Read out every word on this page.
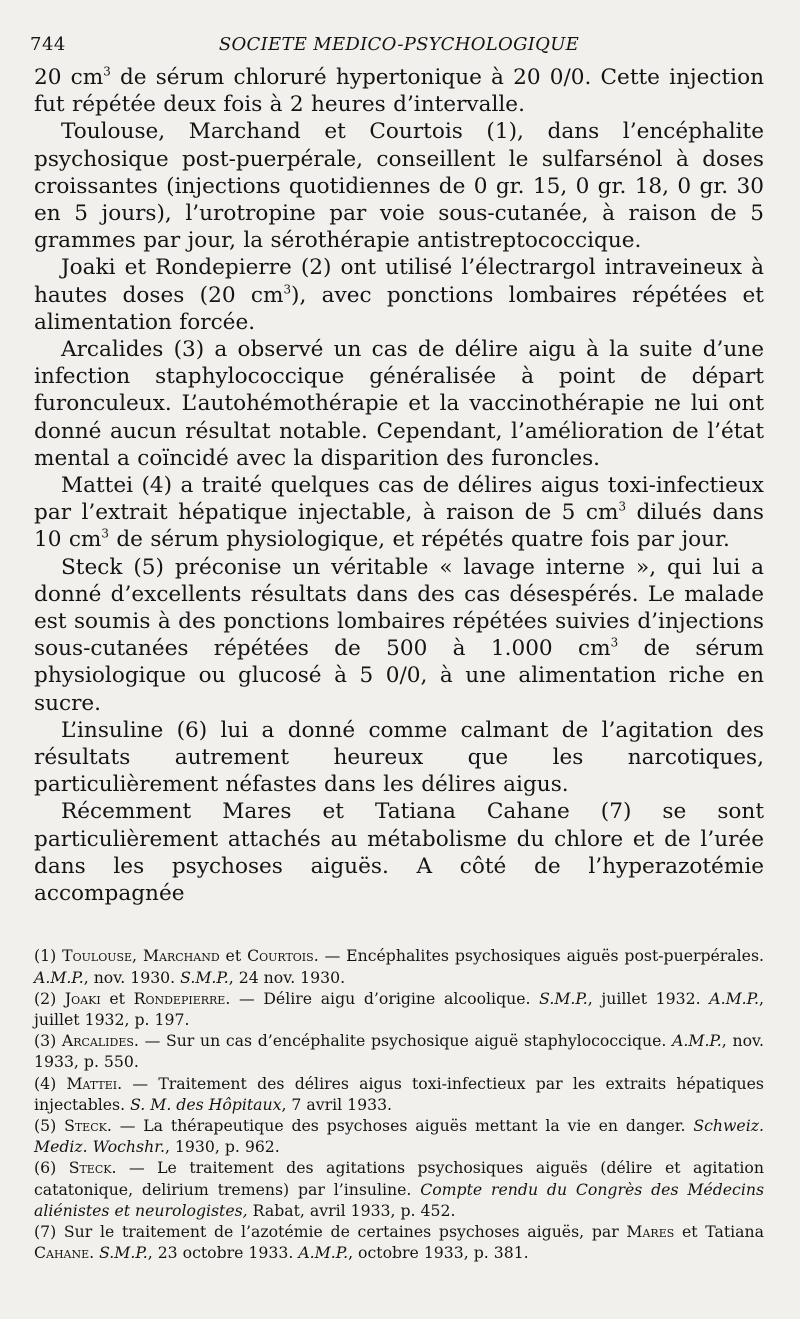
744	SOCIETE MEDICO-PSYCHOLOGIQUE

20 $cm^3$ de sérum chloruré hypertonique à 20 0/0. Cette injection fut répétée deux fois à 2 heures d’intervalle.

Toulouse, Marchand et Courtois (1), dans l’encéphalite psychosique post-puerpérale, conseillent le sulfarsénol à doses croissantes (injections quotidiennes de 0 gr. 15, 0 gr. 18, 0 gr. 30 en 5 jours), l’urotropine par voie sous-cutanée, à raison de 5 grammes par jour, la sérothérapie antistreptococcique.

Joaki et Rondepierre (2) ont utilisé l’électrargol intraveineux à hautes doses (20 $cm^3$), avec ponctions lombaires répétées et alimentation forcée.

Arcalides (3) a observé un cas de délire aigu à la suite d’une infection staphylococcique généralisée à point de départ furonculeux. L’autohémothérapie et la vaccinothérapie ne lui ont donné aucun résultat notable. Cependant, l’amélioration de l’état mental a coïncidé avec la disparition des furoncles.

Mattei (4) a traité quelques cas de délires aigus toxi-infectieux par l’extrait hépatique injectable, à raison de 5 $cm^3$ dilués dans 10 $cm^3$ de sérum physiologique, et répétés quatre fois par jour.

Steck (5) préconise un véritable « lavage interne », qui lui a donné d’excellents résultats dans des cas désespérés. Le malade est soumis à des ponctions lombaires répétées suivies d’injections sous-cutanées répétées de 500 à 1.000 $cm^3$ de sérum physiologique ou glucosé à 5 0/0, à une alimentation riche en sucre.

L’insuline (6) lui a donné comme calmant de l’agitation des résultats autrement heureux que les narcotiques, particulièrement néfastes dans les délires aigus.

Récemment Mares et Tatiana Cahane (7) se sont particulièrement attachés au métabolisme du chlore et de l’urée dans les psychoses aiguës. A côté de l’hyperazotémie accompagnée

(1) Toulouse, Marchand et Courtois. — Encéphalites psychosiques aiguës post-puerpérales. A.M.P., nov. 1930. S.M.P., 24 nov. 1930.

(2) Joaki et Rondepierre. — Délire aigu d’origine alcoolique. S.M.P., juillet 1932. A.M.P., juillet 1932, p. 197.

(3) Arcalides. — Sur un cas d’encéphalite psychosique aiguë staphylococcique. A.M.P., nov. 1933, p. 550.

(4) Mattei. — Traitement des délires aigus toxi-infectieux par les extraits hépatiques injectables. S. M. des Hôpitaux, 7 avril 1933.

(5) Steck. — La thérapeutique des psychoses aiguës mettant la vie en danger. Schweiz. Mediz. Wochshr., 1930, p. 962.

(6) Steck. — Le traitement des agitations psychosiques aiguës (délire et agitation catatonique, delirium tremens) par l’insuline. Compte rendu du Congrès des Médecins aliénistes et neurologistes, Rabat, avril 1933, p. 452.

(7) Sur le traitement de l’azotémie de certaines psychoses aiguës, par Mares et Tatiana Cahane. S.M.P., 23 octobre 1933. A.M.P., octobre 1933, p. 381.
